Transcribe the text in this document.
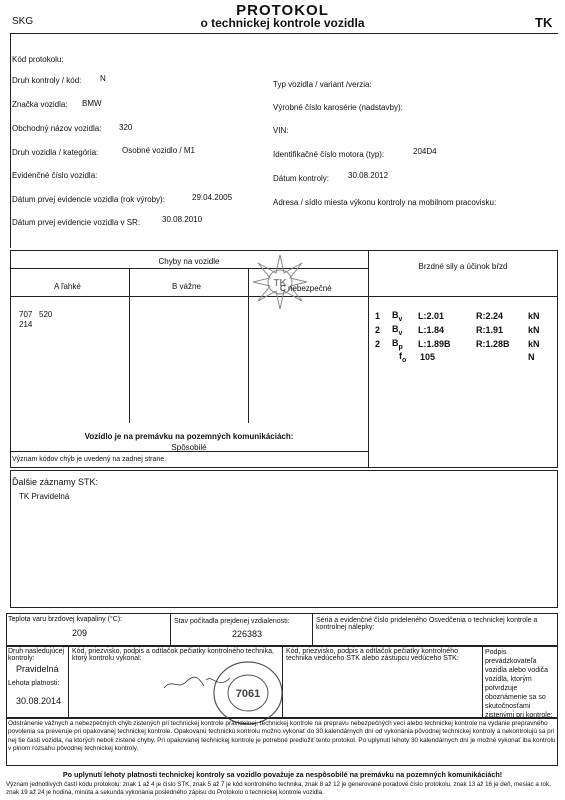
SKG
PROTOKOL
o technickej kontrole vozidla	TK
Kód protokolu:
Druh kontroly / kód: N
Značka vozidla: BMW
Obchodný názov vozidla: 320
Druh vozidla / kategória:	Osobné vozidlo / M1
Evidenčné číslo vozidla:
Dátum prvej evidencie vozidla (rok výroby):	29.04.2005
Dátum prvej evidencie vozidla v SR:	30.08.2010
Typ vozidla / variant /verzia:
Výrobné číslo karosérie (nadstavby):
VIN:
Identifikačné číslo motora (typ):	204D4
Dátum kontroly: 30.08.2012
Adresa / sídlo miesta výkonu kontroly na mobilnom pracovisku:
TK
Chyby na vozidle
A ľahké	B vážne	C nebezpečné
707   520
214
Vozidlo je na premávku na pozemných komunikáciách:
Spôsobilé
Význam kódov chýb je uvedený na zadnej strane.
Brzdné sily a účinok bŕzd
1 $B_v$ L:2.01	R:2.24	kN
2 $B_v$ L:1.84	R:1.91	kN
2 $B_p$ L:1.89B	R:1.28B kN
$f_o$ 105	N
Ďalšie záznamy STK:
TK Pravidelná
Teplota varu brzdovej kvapaliny (°C):
209
Stav počítadla prejdenej vzdialenosti:
226383
Séria a evidenčné číslo prideleného Osvedčenia o technickej kontrole a kontrolnej nálepky:
Druh nasledujúcej kontroly:
Pravidelná
Lehota platnosti:
30.08.2014
Kód, priezvisko, podpis a odtlačok pečiatky kontrolného technika, ktorý kontrolu vykonal:
Kód, priezvisko, podpis a odtlačok pečiatky kontrolného technika vedúceho STK alebo zástupcu vedúceho STK:
Podpis prevádzkovateľa vozidla alebo vodiča vozidla, ktorým potvrdzuje oboznámenie sa so skutočnosťami zistenými pri kontrole:
7061
Odstránenie vážnych a nebezpečných chýb zistených pri technickej kontrole pravidelnej, technickej kontrole na prepravu nebezpečných vecí alebo technickej kontrole na vydanie prepravného povolenia sa preveruje pri opakovanej technickej kontrole. Opakovanú technickú kontrolu možno vykonať do 30 kalendárnych dní od vykonania pôvodnej technickej kontroly a nekontrolujú sa pri nej tie časti vozidla, na ktorých neboli zistené chyby. Pri opakovanej technickej kontrole je potrebné predložiť tento protokol. Po uplynutí lehoty 30 kalendárnych dní je možné vykonať iba kontrolu v plnom rozsahu pôvodnej technickej kontroly.
Po uplynutí lehoty platnosti technickej kontroly sa vozidlo považuje za nespôsobilé na premávku na pozemných komunikáciách!
Význam jednotlivých častí kódu protokolu: znak 1 až 4 je číslo STK, znak 5 až 7 je kód kontrolného technika, znak 8 až 12 je generované poradové číslo protokolu, znak 13 až 16 je deň, mesiac a rok, znak 19 až 24 je hodina, minúta a sekunda vykonania posledného zápisu do Protokolu o technickej kontrole vozidla.
